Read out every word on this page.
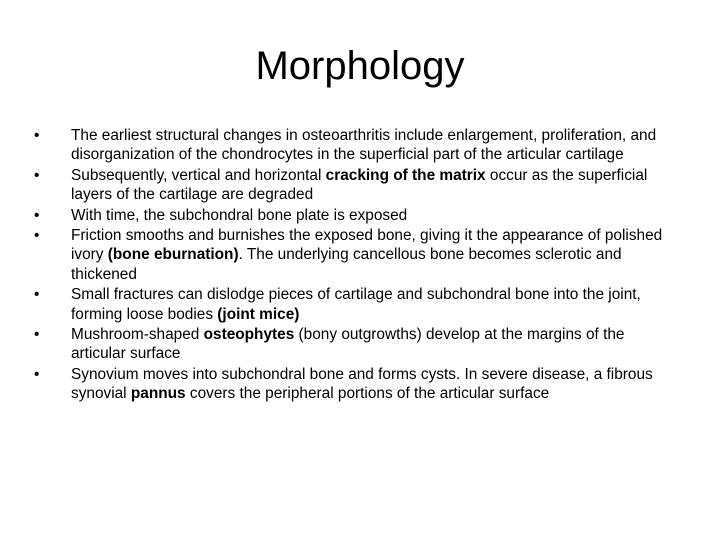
Morphology
•	The earliest structural changes in osteoarthritis include enlargement, proliferation, and disorganization of the chondrocytes in the superficial part of the articular cartilage
•	Subsequently, vertical and horizontal cracking of the matrix occur as the superficial layers of the cartilage are degraded
•	With time, the subchondral bone plate is exposed
•	Friction smooths and burnishes the exposed bone, giving it the appearance of polished ivory (bone eburnation). The underlying cancellous bone becomes sclerotic and thickened
•	Small fractures can dislodge pieces of cartilage and subchondral bone into the joint, forming loose bodies (joint mice)
•	Mushroom-shaped osteophytes (bony outgrowths) develop at the margins of the articular surface
•	Synovium moves into subchondral bone and forms cysts. In severe disease, a fibrous synovial pannus covers the peripheral portions of the articular surface
